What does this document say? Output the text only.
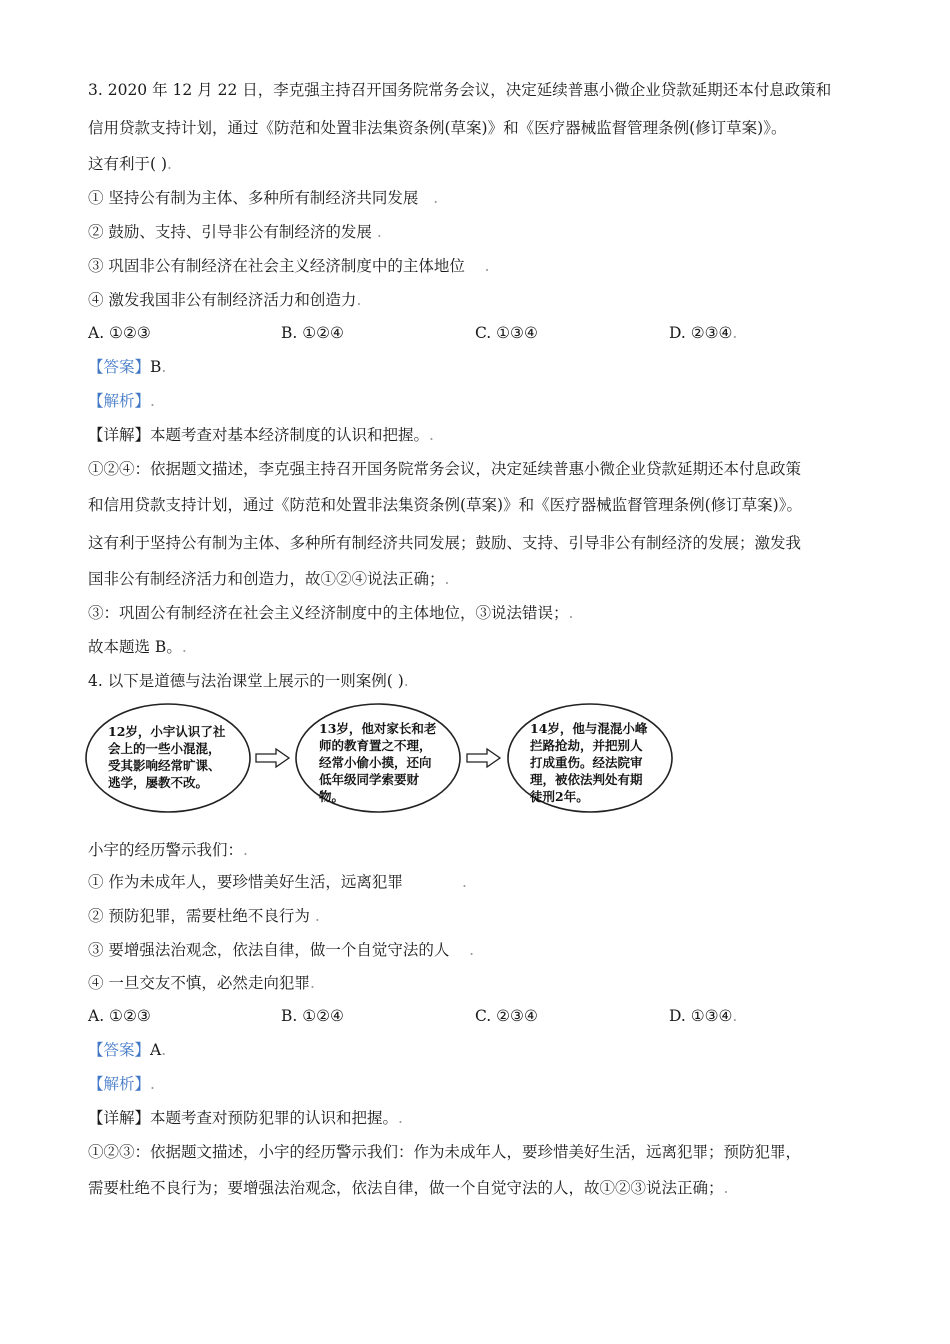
3. 2020 年 12 月 22 日，李克强主持召开国务院常务会议，决定延续普惠小微企业贷款延期还本付息政策和
信用贷款支持计划，通过《防范和处置非法集资条例(草案)》和《医疗器械监督管理条例(修订草案)》。
这有利于( ).
① 坚持公有制为主体、多种所有制经济共同发展   .
② 鼓励、支持、引导非公有制经济的发展 .
③ 巩固非公有制经济在社会主义经济制度中的主体地位    .
④ 激发我国非公有制经济活力和创造力.
A. ①②③	B. ①②④	C. ①③④	D. ②③④.
【答案】B.
【解析】.
【详解】本题考查对基本经济制度的认识和把握。.
①②④：依据题文描述，李克强主持召开国务院常务会议，决定延续普惠小微企业贷款延期还本付息政策
和信用贷款支持计划，通过《防范和处置非法集资条例(草案)》和《医疗器械监督管理条例(修订草案)》。
这有利于坚持公有制为主体、多种所有制经济共同发展；鼓励、支持、引导非公有制经济的发展；激发我
国非公有制经济活力和创造力，故①②④说法正确；.
③：巩固公有制经济在社会主义经济制度中的主体地位，③说法错误；.
故本题选 B。.
4. 以下是道德与法治课堂上展示的一则案例( ).
12岁，小宇认识了社会上的一些小混混，受其影响经常旷课、逃学，屡教不改。
13岁，他对家长和老师的教育置之不理，经常小偷小摸，还向低年级同学索要财物。
14岁，他与混混小峰拦路抢劫，并把别人打成重伤。经法院审理，被依法判处有期徒刑2年。
小宇的经历警示我们：.
① 作为未成年人，要珍惜美好生活，远离犯罪            .
② 预防犯罪，需要杜绝不良行为 .
③ 要增强法治观念，依法自律，做一个自觉守法的人    .
④ 一旦交友不慎，必然走向犯罪.
A. ①②③	B. ①②④	C. ②③④	D. ①③④.
【答案】A.
【解析】.
【详解】本题考查对预防犯罪的认识和把握。.
①②③：依据题文描述，小宇的经历警示我们：作为未成年人，要珍惜美好生活，远离犯罪；预防犯罪，
需要杜绝不良行为；要增强法治观念，依法自律，做一个自觉守法的人，故①②③说法正确；.
